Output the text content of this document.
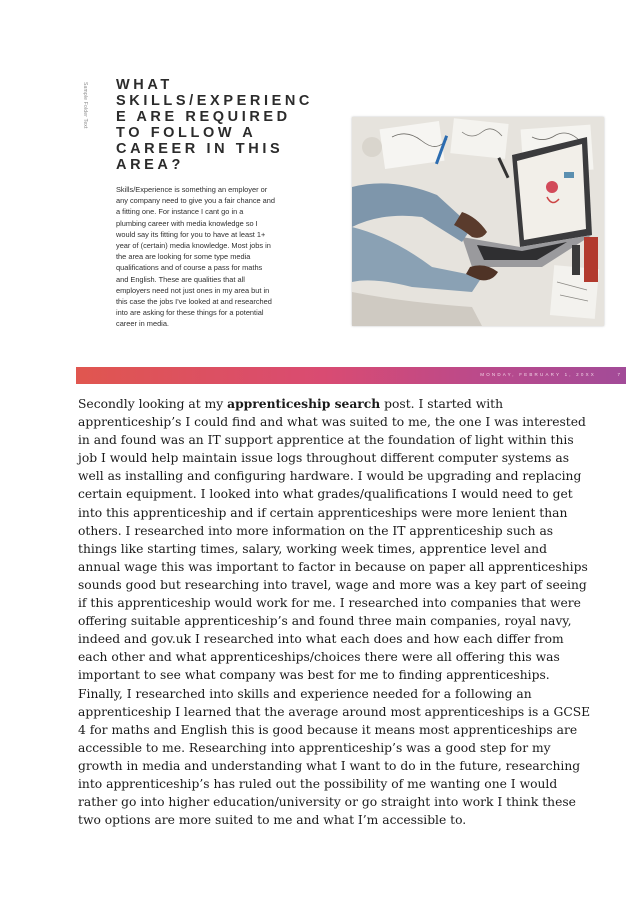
Sample Folder Text WHAT
SKILLS/EXPERIENC
E ARE REQUIRED
TO FOLLOW A
CAREER IN THIS
AREA?

Skills/Experience is something an employer or
any company need to give you a fair chance and
a fitting one. For instance I cant go in a
plumbing career with media knowledge so I
would say its fitting for you to have at least 1+
year of (certain) media knowledge. Most jobs in
the area are looking for some type media
qualifications and of course a pass for maths
and English. These are qualities that all
employers need not just ones in my area but in
this case the jobs I've looked at and researched
into are asking for these things for a potential
career in media.

MONDAY, FEBRUARY 1, 20XX	7
Secondly looking at my apprenticeship search post. I started with
apprenticeship’s I could find and what was suited to me, the one I was interested
in and found was an IT support apprentice at the foundation of light within this
job I would help maintain issue logs throughout different computer systems as
well as installing and configuring hardware. I would be upgrading and replacing
certain equipment. I looked into what grades/qualifications I would need to get
into this apprenticeship and if certain apprenticeships were more lenient than
others. I researched into more information on the IT apprenticeship such as
things like starting times, salary, working week times, apprentice level and
annual wage this was important to factor in because on paper all apprenticeships
sounds good but researching into travel, wage and more was a key part of seeing
if this apprenticeship would work for me. I researched into companies that were
offering suitable apprenticeship’s and found three main companies, royal navy,
indeed and gov.uk I researched into what each does and how each differ from
each other and what apprenticeships/choices there were all offering this was
important to see what company was best for me to finding apprenticeships.
Finally, I researched into skills and experience needed for a following an
apprenticeship I learned that the average around most apprenticeships is a GCSE
4 for maths and English this is good because it means most apprenticeships are
accessible to me. Researching into apprenticeship’s was a good step for my
growth in media and understanding what I want to do in the future, researching
into apprenticeship’s has ruled out the possibility of me wanting one I would
rather go into higher education/university or go straight into work I think these
two options are more suited to me and what I’m accessible to.
